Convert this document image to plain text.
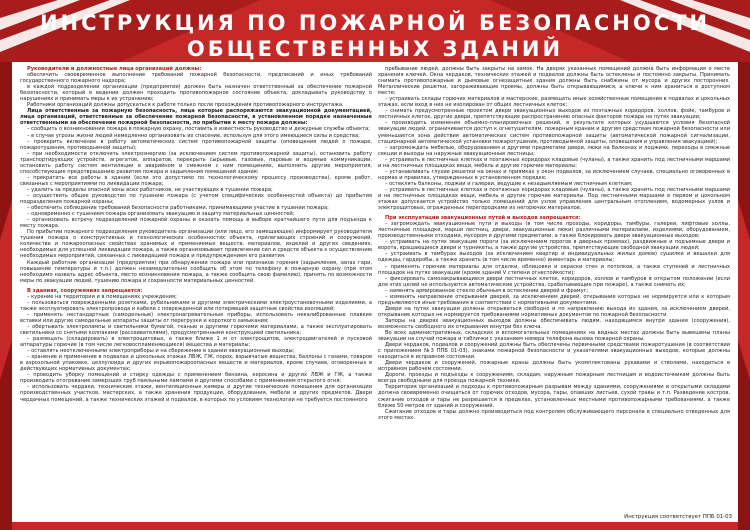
ИНСТРУКЦИЯ ПО ПОЖАРНОЙ БЕЗОПАСНОСТИ
ОБЩЕСТВЕННЫХ ЗДАНИЙ

Руководители и должностные лица организаций должны:

обеспечить своевременное выполнение требований пожарной безопасности, предписаний и иных требований государственного пожарного надзора;

в каждой подразделении организации (предприятии) должен быть назначен ответственный за обеспечение пожарной безопасности, который в ведении должен проходить противопожарное состояние объекта, докладывать руководству о нарушениях и принимать меры к их устранению;

Работники организаций должны допускаться к работе только после прохождения противопожарного инструктажа.

Лица ответственные за пожарную безопасность, лица которые распоряжаются эвакуационной документацией, лица организаций, ответственные за обеспечение пожарной безопасности, в установленном порядке назначенные ответственными за обеспечение пожарной безопасности, по прибытии к месту пожара должны:

– сообщить о возникновении пожара в пожарную охрану, поставить в известность руководство и дежурные службы объекта;

– в случае угрозы жизни людей немедленно организовать их спасение, используя для этого имеющиеся силы и средства;

– проверить включение в работу автоматических систем противопожарной защиты (оповещения людей о пожаре, пожаротушения, противодымной защиты);

– при необходимости отключить электроэнергию (за исключением систем противопожарной защиты), остановить работу транспортирующих устройств, агрегатов, аппаратов, перекрыть сырьевые, газовые, паровые и водяные коммуникации, остановить работу систем вентиляции в аварийном и смежном с ним помещениях, выполнить другие мероприятия, способствующие предотвращению развития пожара и задымления помещений здания;

– прекратить все работы в здании (если это допустимо по технологическому процессу производства), кроме работ, связанных с мероприятиями по ликвидации пожара;

– удалить за пределы опасной зоны всех работников, не участвующих в тушении пожара;

– осуществить общее руководство по тушению пожара (с учетом специфических особенностей объекта) до прибытия подразделения пожарной охраны;

– обеспечить соблюдение требований безопасности работниками, принимающими участие в тушении пожара;

– одновременно с тушением пожара организовать эвакуацию и защиту материальных ценностей;

– организовать встречу подразделений пожарной охраны и оказать помощь в выборе кратчайшего пути для подъезда к месту пожара.

По прибытии пожарного подразделения руководитель организации (или лицо, его замещающее) информирует руководителя тушения пожара о конструктивных и технологических особенностях объекта, прилегающих строений и сооружений, количестве и пожароопасных свойствах хранимых и применяемых веществ, материалов, изделий и других сведениях, необходимых для успешной ликвидации пожара, а также организовывает привлечение сил и средств объекта к осуществлению необходимых мероприятий, связанных с ликвидацией пожара и предупреждением его развития.

Каждый работник организации (предприятия) при обнаружении пожара или признаков горения (задымления, запах гари, повышение температуры и т.п.) должен незамедлительно сообщить об этом по телефону в пожарную охрану (при этом необходимо назвать адрес объекта, место возникновения пожара, а также сообщить свою фамилию), принять по возможности меры по эвакуации людей, тушению пожара и сохранности материальных ценностей.

В зданиях, сооружениях запрещается:

– курение на территории и в помещениях учреждения;

– пользоваться поврежденными розетками, рубильниками и другими электрическими электроустановочными изделиями, а также эксплуатировать электропровода и кабели с поврежденной или потерявшей защитные свойства изоляцией;

– применять нестандартные (самодельные) электронагревательные приборы, использовать некалиброванные плавкие вставки или другие самодельные аппараты защиты от перегрузки и короткого замыкания;

– обертывать электролампы и светильники бумагой, тканью и другими горючими материалами, а также эксплуатировать светильники со снятыми колпаками (рассеивателями), предусмотренными конструкцией светильника;

– размещать (складировать) в электрощитовых, а также ближе 1 м от электрощитов, электродвигателей и пусковой аппаратуры горючие (в том числе легковоспламеняющиеся) вещества и материалы;

– оставлять неотключенными электроприборы и на сбережение в здании эвакуационные выходы;

– хранение и применение в подвалах и цокольных этажах ЛВЖ, ГЖ, порох, взрывчатые вещества, баллоны с газами, товаров в аэрозольной упаковке, целлулоида и других взрывопожароопасных веществ и материалов, кроме случаев, оговоренных в действующих нормативных документах;

– проводить уборку помещений и стирку одежды с применением бензина, керосина и других ЛВЖ и ГЖ, а также производить отогревание замерзших труб паяльными лампами и другими способами с применением открытого огня;

– использовать чердаки, технические этажи, вентиляционные камеры и другие технические помещения для организации производственных участков, мастерских, а также хранения продукции, оборудования, мебели и других предметов. Двери чердачных помещений, а также технических этажей и подвалов, в которых по условиям технологии не требуется постоянного

пребывание людей, должны быть закрыты на замок. На дверях указанных помещений должна быть информация о месте хранения ключей. Окна чердаков, технических этажей и подвалов должны быть остеклены и постоянно закрыты. Принимать снимать противопожарные и дымовые огнезащитные здания должны быть снабжены от мусора и других посторонних. Металлические решетки, загораживающие проемы, должны быть открывающимися, а ключи к ним храниться в доступном месте;

– устраивать склады горючих материалов и мастерские, размещать иные хозяйственные помещения в подвалах и цокольных этажах, если вход в них не изолирован от общих лестничных клеток;

– снимать предусмотренные проектом двери эвакуационных выходов из поэтажных коридоров, холлов, фойе, тамбуров и лестничных клеток, другие двери, препятствующие распространению опасных факторов пожара на путях эвакуации;

– производить изменения объемно-планировочных решений, в результате которых ухудшаются условия безопасной эвакуации людей, ограничивается доступ к огнетушителям, пожарным кранам и другим средствам пожарной безопасности или уменьшается зона действия автоматических систем противопожарной защиты (автоматической пожарной сигнализации, стационарной автоматической установки пожаротушения, противодымной защиты, оповещения и управления эвакуацией);

– загромождать мебелью, оборудованием и другими предметами двери, люки на балконах и лоджиях, переходы в смежные секции и выходы на наружные эвакуационные лестницы;

– устраивать в лестничных клетках и поэтажных коридорах кладовые (чуланы), а также хранить под лестничными маршами и на лестничных площадках вещи, мебель и другие горючие материалы;

– устанавливать глухие решетки на окнах и приямках у окон подвалов, за исключением случаев, специально оговоренных в нормах и правилах, утвержденных в установленном порядке;

– остеклять балконы, лоджии и галереи, ведущие к незадымляемым лестничным клеткам;

– устраивать в лестничных клетках и поэтажных коридорах кладовые (чуланы), а также хранить под лестничными маршами и на лестничных площадках вещи, мебель и другие горючие материалы. Под лестничными маршами в первом и цокольном этажах допускается устройство только помещений для узлов управления центральным отоплением, водомерных узлов и электрощитовых, огражденных перегородками из негорючих материалов.

При эксплуатации эвакуационных путей и выходов запрещается:

– загромождать эвакуационные пути и выходы (в том числе проходы, коридоры, тамбуры, галереи, лифтовые холлы, лестничные площадки, марши лестниц, двери, эвакуационные люки) различными материалами, изделиями, оборудованием, производственными отходами, мусором и другими предметами, а также блокировать двери эвакуационных выходов;

– устраивать на путях эвакуации пороги (за исключением порогов в дверных проемах), раздвижные и подъемные двери и ворота, вращающиеся двери и турникеты, а также другие устройства, препятствующие свободной эвакуации людей;

– устраивать в тамбурах выходов (за исключением квартир и индивидуальных жилых домов) сушилки и вешалки для одежды, гардеробы, а также хранить (в том числе временно) инвентарь и материалы;

– применять горючие материалы для отделки, облицовки и окраски стен и потолков, а также ступеней и лестничных площадок на путях эвакуации (кроме зданий V степени огнестойкости);

– фиксировать самозакрывающиеся двери лестничных клеток, коридоров, холлов и тамбуров в открытом положении (если для этих целей не используются автоматические устройства, срабатывающие при пожаре), а также снимать их;

– заменять армированное стекло обычным в остеклении дверей и фрамуг;

– изменять направление открывания дверей, за исключением дверей, открывание которых не нормируется или к которым предъявляются иные требования в соответствии с нормативными документами.

Двери на путях эвакуации должны открываться свободно и по направлению выхода из здания, за исключением дверей, открывание которых не нормируется требованиями нормативных документов по пожарной безопасности.

Запоры на дверях эвакуационных выходов должны обеспечивать людям, находящимся внутри здания (сооружения), возможность свободного их открывания изнутри без ключа.

Во всех административных, складских и вспомогательных помещениях на видных местах должны быть вывешены планы эвакуации на случай пожара и таблички с указанием номера телефона вызова пожарной охраны.

Двери чердаков, подвалов и сооружений должны быть обеспечены первичными средствами пожаротушения (в соответствии с приложением №3 ППБ 01-03), знаками пожарной безопасности и указателями эвакуационных выходов, которые должны находиться в исправном состоянии.

Двери чердаков и сооружений, пожарные краны должны быть укомплектованы рукавами и стволами, находиться в исправном рабочем состоянии.

Дороги, проезды и подъезды к сооружениям, складам, наружным пожарным лестницам и водоисточникам должны быть всегда свободными для проезда пожарной техники.

Территория организаций и подходы к противопожарным разрывам между зданиями, сооружениями и открытыми складами должна своевременно очищаться от горючих отходов, мусора, тары, опавших листьев, сухой травы и т.п. Разведение костров, сжигание отходов и тары не разрешается в пределах, установленных местными противопожарными требованиями, а также ближе 50 метров от зданий и сооружений.

Сжигание отходов и тары должно производиться под контролем обслуживающего персонала в специально отведенных для этого местах.

Инструкция соответствует ППБ 01-03
